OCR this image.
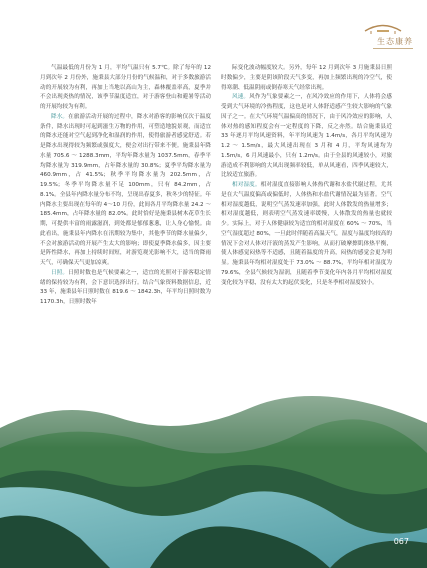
生态康养

气温最低的月份为 1 月，平均气温只有 5.7℃。除了每年的 12 月到次年 2 月份外，施秉县大部分月份的气候温和，对于多数旅游活动的开展较为有利，再加上当地以高山为主，森林覆盖率高，夏季并不会出现炎热的情况，该季节温度适宜，对于游客登山和避暑等活动的开展均较为有利。

降水。在旅游活动开展的过程中，降水对游客的影响仅次于温度条件，降水出现时可起到滋生万物的作用，可塑造地貌景观，而适宜的降水还能对空气起到净化和湿润的作用，使得旅游者感觉舒适。若是降水出现得较为频繁或强度大，便会对出行带来不便。施秉县年降水量 705.6 ～ 1288.3mm，平均年降水量为 1037.5mm，春季平均降水量为 319.9mm，占年降水量的 30.8%；夏季平均降水量为 460.9mm，占 41.5%；秋季平均降水量为 202.5mm，占 19.5%；冬季平均降水量不足 100mm，只有 84.2mm，占 8.1%。全县年内降水量分布不均，呈现出春夏多，秋冬少的特征。年内降水主要出现在每年的 4～10 月份，此间各月平均降水量 24.2 ～ 185.4mm，占年降水量的 82.0%。此时恰好是施秉县树木花草生长期，可提供丰富的雨露滋润，到处都是郁郁葱葱，让人身心愉悦。由此看出，施秉县年内降水在汛期较为集中，其他季节的降水量偏少，不会对旅游活动的开展产生太大的影响；即使夏季降水偏多，因主要是阵性降水，再加上持续时间短，对游览观光影响不大，适当的降雨天气，可确保天气更加凉爽。

日照。日照时数也是气候要素之一，适宜的光照对于游客稳定情绪的保持较为有利，会下意识选择出行。结合气象资料数据信息，近 33 年，施秉县年日照时数在 819.6 ～ 1842.3h，年平均日照时数为 1170.3h，日照时数年

际变化波动幅度较大。另外，每年 12 月到次年 3 月施秉县日照时数偏少，主要是阴该阶段天气多变，再加上频繁出现的冷空气，使得寒潮、低温阴雨或倒春寒天气经常出现。

风速。风作为气象要素之一，在风冷效应的作用下，人体将会感受到大气环境的冷热程度，这也是对人体舒适感产生较大影响的气象因子之一。在大气环境气温偏高的情况下，由于风冷效应的影响，人体对热的感知程度会有一定程度的下降，反之亦然。结合施秉县近 33 年逐月平均风速资料，年平均风速为 1.4m/s，各月平均风速为 1.2 ～ 1.5m/s，最大风速出现在 3 月和 4 月，平均风速均为 1.5m/s，6 月风速最小，只有 1.2m/s。由于全县的风速较小，对旅游造成不利影响的大风出现频率较低，单从风速看，四季风速较大，比较适宜旅游。

相对湿度。相对湿度直接影响人体热代谢和水盐代谢过程，尤其是在大气温度偏高或偏低时，人体热和水盐代谢情况最为显著。空气相对湿度越低，说明空气蒸发速率加强，此时人体散发的热量增多；相对湿度越低，则表明空气蒸发速率缓慢，人体散发的热量也就较少。实际上，对于人体健康较为适宜的相对湿度在 60% ～ 70%，当空气湿度超过 80%，一旦此时伴随着高温天气，湿度与温度均较高的情况下会对人体对汗液的蒸发产生影响，从而打破摩擦肌体热平衡，使人体感觉闷热等不适感，且随着温度的升高，闷热的感觉会更为明显。施秉县年均相对湿度处于 73.0% ～ 88.7%，平均年相对湿度为 79.6%，全县气候较为湿润，且随着季节变化年内各月平均相对湿度变化较为平稳，没有太大的起伏变化，只是冬季相对湿度较小。

067
